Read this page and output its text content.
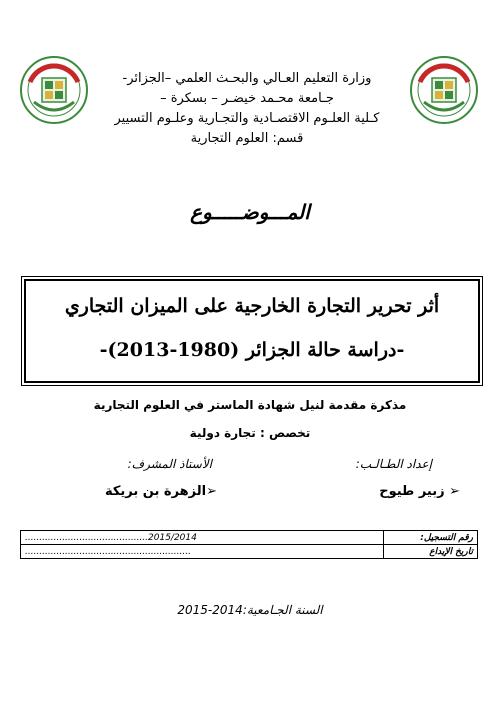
وزارة التعليم العـالي والبحـث العلمي –الجزائر-
جـامعة محـمد خيضـر – بسكرة –
كـلية العلـوم الاقتصـادية والتجـارية وعلـوم التسيير
قسم: العلوم التجارية
المـــوضـــــوع
أثر تحرير التجارة الخارجية على الميزان التجاري
-دراسة حالة الجزائر (1980-2013)-
مذكرة مقدمة لنيل شهادة الماستر في العلوم التجارية
تخصص : تجارة دولية
إعداد الطـالـب:
الأستاذ المشرف:
➢ زبير طيوح
➢الزهرة بن بريكة
رقم التسجيل:	...........................................2015/2014
تاريخ الإيداع	..........................................................
السنة الجـامعية:2014-2015
